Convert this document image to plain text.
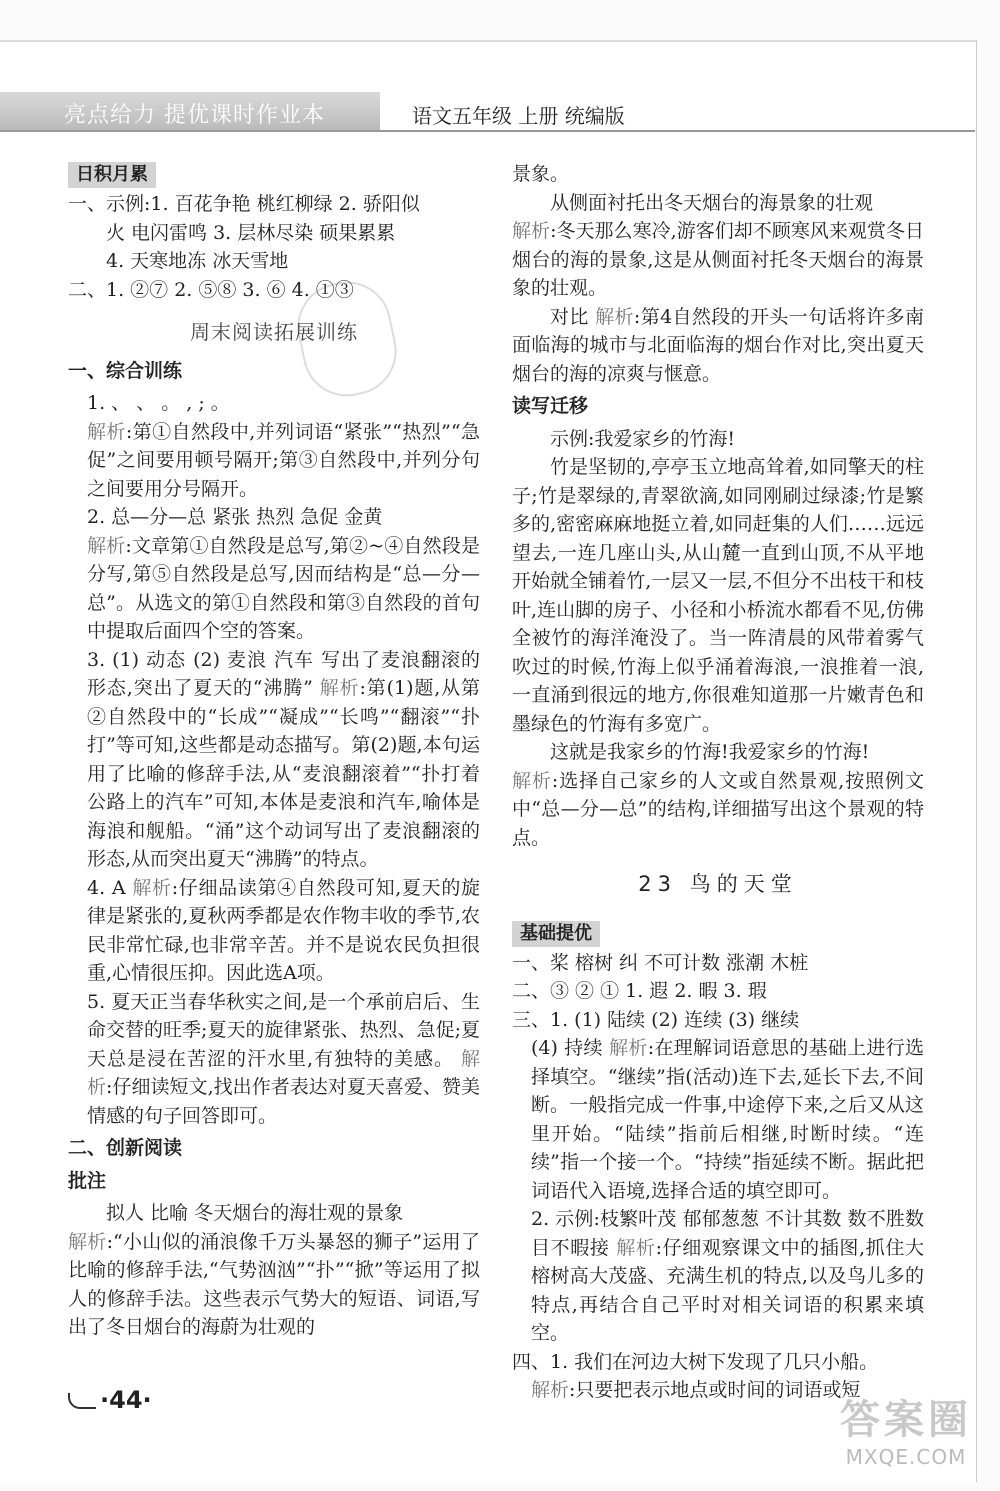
亮点给力 提优课时作业本	语文五年级 上册 统编版
日积月累

一、示例:1. 百花争艳 桃红柳绿 2. 骄阳似

火 电闪雷鸣 3. 层林尽染 硕果累累

4. 天寒地冻 冰天雪地

二、1. ②⑦ 2. ⑤⑧ 3. ⑥ 4. ①③

周末阅读拓展训练
一、综合训练

1. 、 、 。 , ; 。

解析:第①自然段中,并列词语“紧张”“热烈”“急促”之间要用顿号隔开;第③自然段中,并列分句之间要用分号隔开。

2. 总—分—总 紧张 热烈 急促 金黄

解析:文章第①自然段是总写,第②~④自然段是分写,第⑤自然段是总写,因而结构是“总—分—总”。从选文的第①自然段和第③自然段的首句中提取后面四个空的答案。

3. (1) 动态 (2) 麦浪 汽车 写出了麦浪翻滚的形态,突出了夏天的“沸腾” 解析:第(1)题,从第②自然段中的“长成”“凝成”“长鸣”“翻滚”“扑打”等可知,这些都是动态描写。第(2)题,本句运用了比喻的修辞手法,从“麦浪翻滚着”“扑打着公路上的汽车”可知,本体是麦浪和汽车,喻体是海浪和舰船。“涌”这个动词写出了麦浪翻滚的形态,从而突出夏天“沸腾”的特点。

4. A 解析:仔细品读第④自然段可知,夏天的旋律是紧张的,夏秋两季都是农作物丰收的季节,农民非常忙碌,也非常辛苦。并不是说农民负担很重,心情很压抑。因此选A项。

5. 夏天正当春华秋实之间,是一个承前启后、生命交替的旺季;夏天的旋律紧张、热烈、急促;夏天总是浸在苦涩的汗水里,有独特的美感。 解析:仔细读短文,找出作者表达对夏天喜爱、赞美情感的句子回答即可。

二、创新阅读
批注

拟人 比喻 冬天烟台的海壮观的景象

解析:“小山似的涌浪像千万头暴怒的狮子”运用了比喻的修辞手法,“气势汹汹”“扑”“掀”等运用了拟人的修辞手法。这些表示气势大的短语、词语,写出了冬日烟台的海蔚为壮观的

景象。

从侧面衬托出冬天烟台的海景象的壮观

解析:冬天那么寒冷,游客们却不顾寒风来观赏冬日烟台的海的景象,这是从侧面衬托冬天烟台的海景象的壮观。

对比 解析:第4自然段的开头一句话将许多南面临海的城市与北面临海的烟台作对比,突出夏天烟台的海的凉爽与惬意。

读写迁移

示例:我爱家乡的竹海!

竹是坚韧的,亭亭玉立地高耸着,如同擎天的柱子;竹是翠绿的,青翠欲滴,如同刚刷过绿漆;竹是繁多的,密密麻麻地挺立着,如同赶集的人们……远远望去,一连几座山头,从山麓一直到山顶,不从平地开始就全铺着竹,一层又一层,不但分不出枝干和枝叶,连山脚的房子、小径和小桥流水都看不见,仿佛全被竹的海洋淹没了。当一阵清晨的风带着雾气吹过的时候,竹海上似乎涌着海浪,一浪推着一浪,一直涌到很远的地方,你很难知道那一片嫩青色和墨绿色的竹海有多宽广。

这就是我家乡的竹海!我爱家乡的竹海!

解析:选择自己家乡的人文或自然景观,按照例文中“总—分—总”的结构,详细描写出这个景观的特点。

23 鸟的天堂
基础提优

一、桨 榕树 纠 不可计数 涨潮 木桩

二、③ ② ① 1. 遐 2. 暇 3. 瑕

三、1. (1) 陆续 (2) 连续 (3) 继续

(4) 持续 解析:在理解词语意思的基础上进行选择填空。“继续”指(活动)连下去,延长下去,不间断。一般指完成一件事,中途停下来,之后又从这里开始。“陆续”指前后相继,时断时续。“连续”指一个接一个。“持续”指延续不断。据此把词语代入语境,选择合适的填空即可。

2. 示例:枝繁叶茂 郁郁葱葱 不计其数 数不胜数 目不暇接 解析:仔细观察课文中的插图,抓住大榕树高大茂盛、充满生机的特点,以及鸟儿多的特点,再结合自己平时对相关词语的积累来填空。

四、1. 我们在河边大树下发现了几只小船。

解析:只要把表示地点或时间的词语或短

·44·	答案圈
MXQE.COM
